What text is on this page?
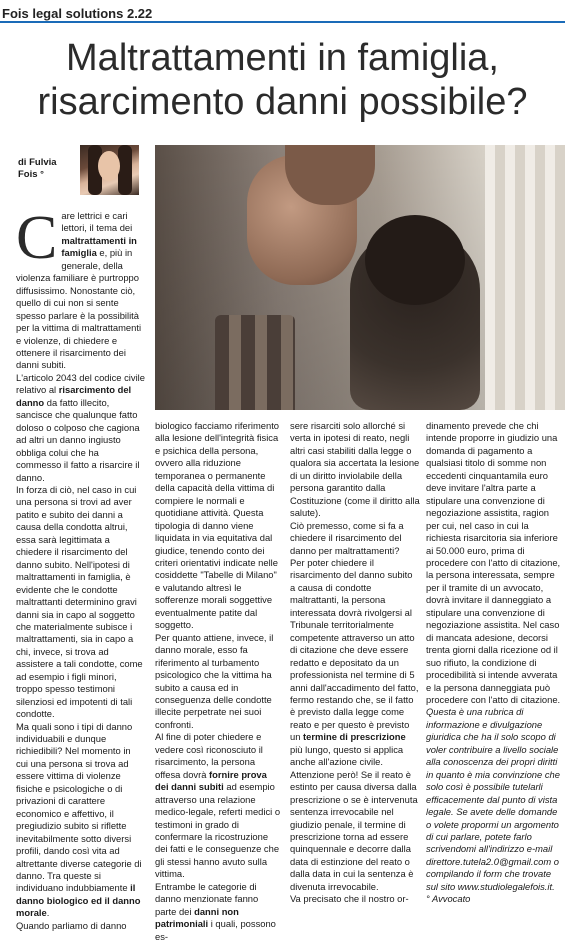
Fois legal solutions 2.22
Maltrattamenti in famiglia,
risarcimento danni possibile?
di Fulvia
Fois °
C are lettrici e cari lettori, il tema dei maltrattamenti in famiglia e, più in generale, della violenza familiare è purtroppo diffusissimo. Nonostante ciò, quello di cui non si sente spesso parlare è la possibilità per la vittima di maltrattamenti e violenze, di chiedere e ottenere il risarcimento dei danni subiti.

L'articolo 2043 del codice civile relativo al risarcimento del danno da fatto illecito, sancisce che qualunque fatto doloso o colposo che cagiona ad altri un danno ingiusto obbliga colui che ha commesso il fatto a risarcire il danno.

In forza di ciò, nel caso in cui una persona si trovi ad aver patito e subito dei danni a causa della condotta altrui, essa sarà legittimata a chiedere il risarcimento del danno subito. Nell'ipotesi di maltrattamenti in famiglia, è evidente che le condotte maltrattanti determinino gravi danni sia in capo al soggetto che materialmente subisce i maltrattamenti, sia in capo a chi, invece, si trova ad assistere a tali condotte, come ad esempio i figli minori, troppo spesso testimoni silenziosi ed impotenti di tali condotte.

Ma quali sono i tipi di danno individuabili e dunque richiedibili? Nel momento in cui una persona si trova ad essere vittima di violenze fisiche e psicologiche o di privazioni di carattere economico e affettivo, il pregiudizio subito si riflette inevitabilmente sotto diversi profili, dando così vita ad altrettante diverse categorie di danno. Tra queste si individuano indubbiamente il danno biologico ed il danno morale.

Quando parliamo di danno

biologico facciamo riferimento alla lesione dell'integrità fisica e psichica della persona, ovvero alla riduzione temporanea o permanente della capacità della vittima di compiere le normali e quotidiane attività. Questa tipologia di danno viene liquidata in via equitativa dal giudice, tenendo conto dei criteri orientativi indicate nelle cosiddette "Tabelle di Milano" e valutando altresì le sofferenze morali soggettive eventualmente patite dal soggetto.

Per quanto attiene, invece, il danno morale, esso fa riferimento al turbamento psicologico che la vittima ha subito a causa ed in conseguenza delle condotte illecite perpetrate nei suoi confronti.

Al fine di poter chiedere e vedere così riconosciuto il risarcimento, la persona offesa dovrà fornire prova dei danni subiti ad esempio attraverso una relazione medico-legale, referti medici o testimoni in grado di confermare la ricostruzione dei fatti e le conseguenze che gli stessi hanno avuto sulla vittima.

Entrambe le categorie di danno menzionate fanno parte dei danni non patrimoniali i quali, possono es-

sere risarciti solo allorché si verta in ipotesi di reato, negli altri casi stabiliti dalla legge o qualora sia accertata la lesione di un diritto inviolabile della persona garantito dalla Costituzione (come il diritto alla salute).

Ciò premesso, come si fa a chiedere il risarcimento del danno per maltrattamenti?

Per poter chiedere il risarcimento del danno subito a causa di condotte maltrattanti, la persona interessata dovrà rivolgersi al Tribunale territorialmente competente attraverso un atto di citazione che deve essere redatto e depositato da un professionista nel termine di 5 anni dall'accadimento del fatto, fermo restando che, se il fatto è previsto dalla legge come reato e per questo è previsto un termine di prescrizione più lungo, questo si applica anche all'azione civile.

Attenzione però! Se il reato è estinto per causa diversa dalla prescrizione o se è intervenuta sentenza irrevocabile nel giudizio penale, il termine di prescrizione torna ad essere quinquennale e decorre dalla data di estinzione del reato o dalla data in cui la sentenza è divenuta irrevocabile.

Va precisato che il nostro or-

dinamento prevede che chi intende proporre in giudizio una domanda di pagamento a qualsiasi titolo di somme non eccedenti cinquantamila euro deve invitare l'altra parte a stipulare una convenzione di negoziazione assistita, ragion per cui, nel caso in cui la richiesta risarcitoria sia inferiore ai 50.000 euro, prima di procedere con l'atto di citazione, la persona interessata, sempre per il tramite di un avvocato, dovrà invitare il danneggiato a stipulare una convenzione di negoziazione assistita. Nel caso di mancata adesione, decorsi trenta giorni dalla ricezione od il suo rifiuto, la condizione di procedibilità si intende avverata e la persona danneggiata può procedere con l'atto di citazione.

Questa è una rubrica di informazione e divulgazione giuridica che ha il solo scopo di voler contribuire a livello sociale alla conoscenza dei propri diritti in quanto è mia convinzione che solo così è possibile tutelarli efficacemente dal punto di vista legale. Se avete delle domande o volete propormi un argomento di cui parlare, potete farlo scrivendomi all'indirizzo e-mail direttore.tutela2.0@gmail.com o compilando il form che trovate sul sito www.studiolegalefois.it.

° Avvocato
